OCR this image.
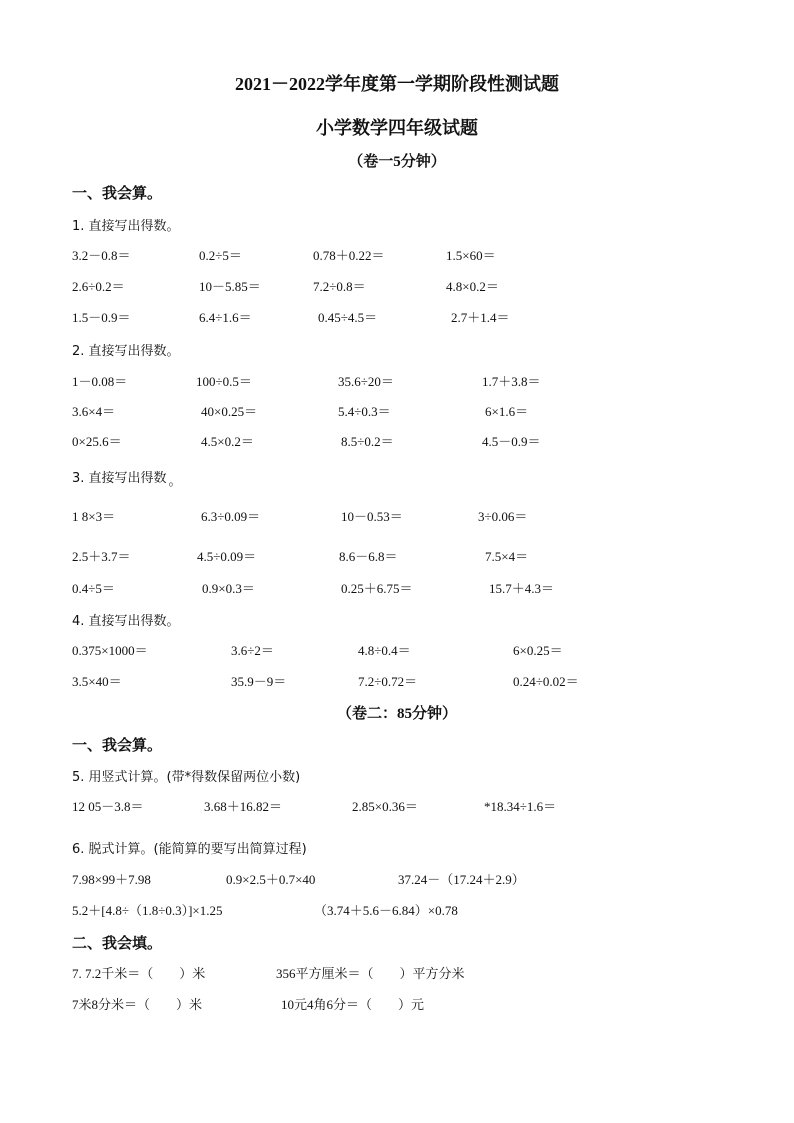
2021－2022学年度第一学期阶段性测试题
小学数学四年级试题
（卷一5分钟）
一、我会算。
1. 直接写出得数。
3.2－0.8＝	0.2÷5＝	0.78＋0.22＝	1.5×60＝
2.6÷0.2＝	10－5.85＝	7.2÷0.8＝	4.8×0.2＝
1.5－0.9＝	6.4÷1.6＝	0.45÷4.5＝	2.7＋1.4＝
2. 直接写出得数。
1－0.08＝	100÷0.5＝	35.6÷20＝	1.7＋3.8＝
3.6×4＝	40×0.25＝	5.4÷0.3＝	6×1.6＝
0×25.6＝	4.5×0.2＝	8.5÷0.2＝	4.5－0.9＝
3. 直接写出得数 。
1 8×3＝	6.3÷0.09＝	10－0.53＝	3÷0.06＝
2.5＋3.7＝	4.5÷0.09＝	8.6－6.8＝	7.5×4＝
0.4÷5＝	0.9×0.3＝	0.25＋6.75＝	15.7＋4.3＝
4. 直接写出得数。
0.375×1000＝	3.6÷2＝	4.8÷0.4＝	6×0.25＝
3.5×40＝	35.9－9＝	7.2÷0.72＝	0.24÷0.02＝
（卷二：85分钟）
一、我会算。
5. 用竖式计算。(带*得数保留两位小数)
12 05－3.8＝	3.68＋16.82＝	2.85×0.36＝	*18.34÷1.6＝
6. 脱式计算。(能简算的要写出简算过程)
7.98×99＋7.98	0.9×2.5＋0.7×40	37.24－（17.24＋2.9）
5.2＋[4.8÷（1.8÷0.3）]×1.25	（3.74＋5.6－6.84）×0.78
二、我会填。
7. 7.2千米＝（　　）米	356平方厘米＝（　　）平方分米
7米8分米＝（　　）米	10元4角6分＝（　　）元
